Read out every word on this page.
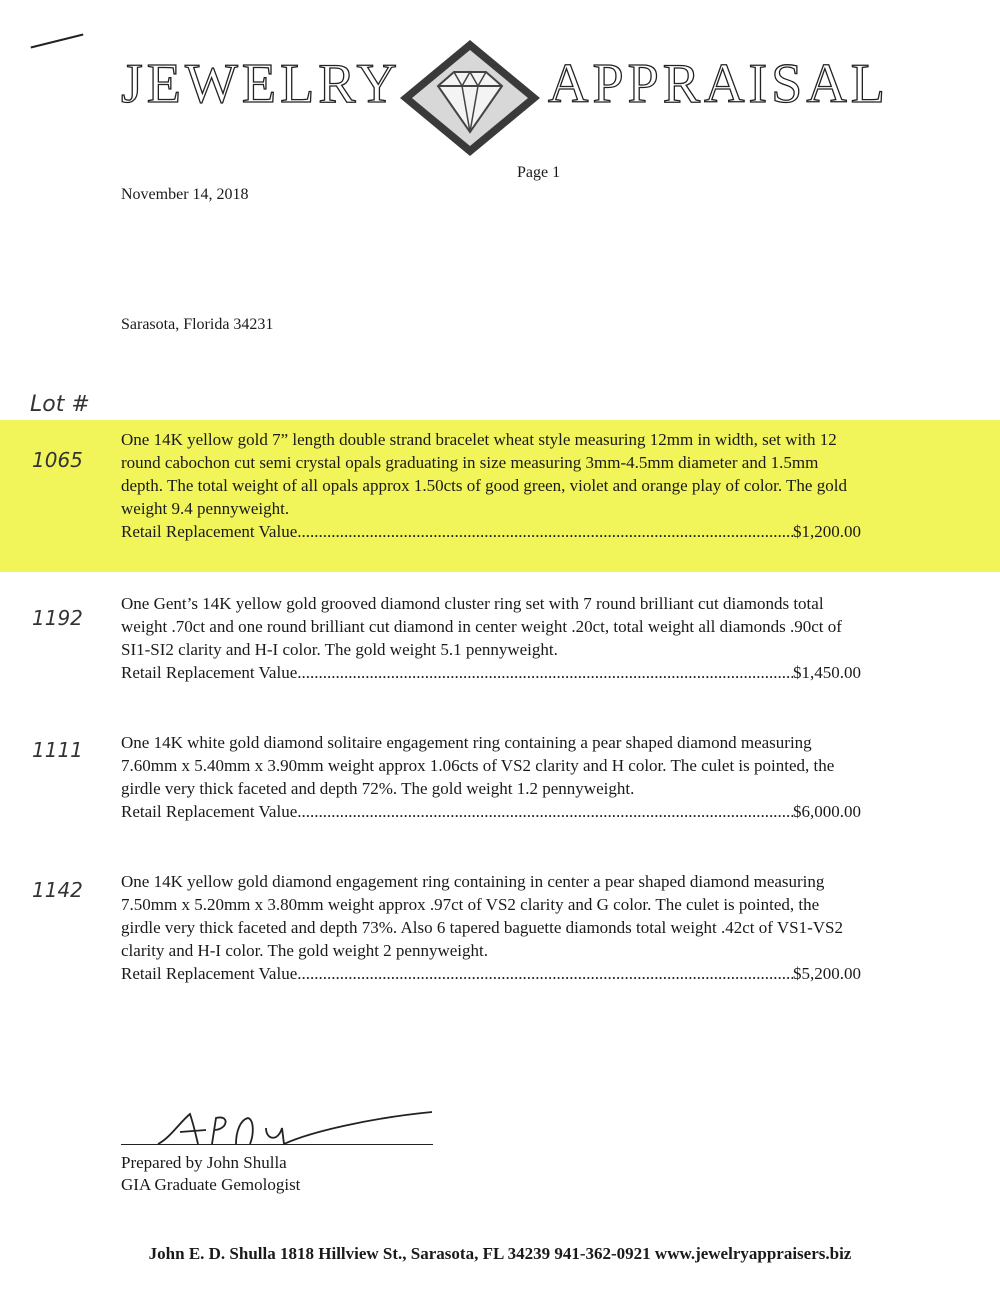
JEWELRY	APPRAISAL
Page 1
November 14, 2018
Sarasota, Florida 34231
Lot #
1065

One 14K yellow gold 7” length double strand bracelet wheat style measuring 12mm in width, set with 12 round cabochon cut semi crystal opals graduating in size measuring 3mm-4.5mm diameter and 1.5mm depth. The total weight of all opals approx 1.50cts of good green, violet and orange play of color. The gold weight 9.4 pennyweight.

Retail Replacement Value .....	$1,200.00
1192

One Gent’s 14K yellow gold grooved diamond cluster ring set with 7 round brilliant cut diamonds total weight .70ct and one round brilliant cut diamond in center weight .20ct, total weight all diamonds .90ct of SI1-SI2 clarity and H-I color. The gold weight 5.1 pennyweight.

Retail Replacement Value .....	$1,450.00
1111 One 14K white gold diamond solitaire engagement ring containing a pear shaped diamond measuring 7.60mm x 5.40mm x 3.90mm weight approx 1.06cts of VS2 clarity and H color. The culet is pointed, the girdle very thick faceted and depth 72%. The gold weight 1.2 pennyweight.

Retail Replacement Value .....	$6,000.00
1142 One 14K yellow gold diamond engagement ring containing in center a pear shaped diamond measuring 7.50mm x 5.20mm x 3.80mm weight approx .97ct of VS2 clarity and G color. The culet is pointed, the girdle very thick faceted and depth 73%. Also 6 tapered baguette diamonds total weight .42ct of VS1-VS2 clarity and H-I color. The gold weight 2 pennyweight.

Retail Replacement Value .....	$5,200.00
Prepared by John Shulla
GIA Graduate Gemologist
John E. D. Shulla 1818 Hillview St., Sarasota, FL 34239 941-362-0921 www.jewelryappraisers.biz
